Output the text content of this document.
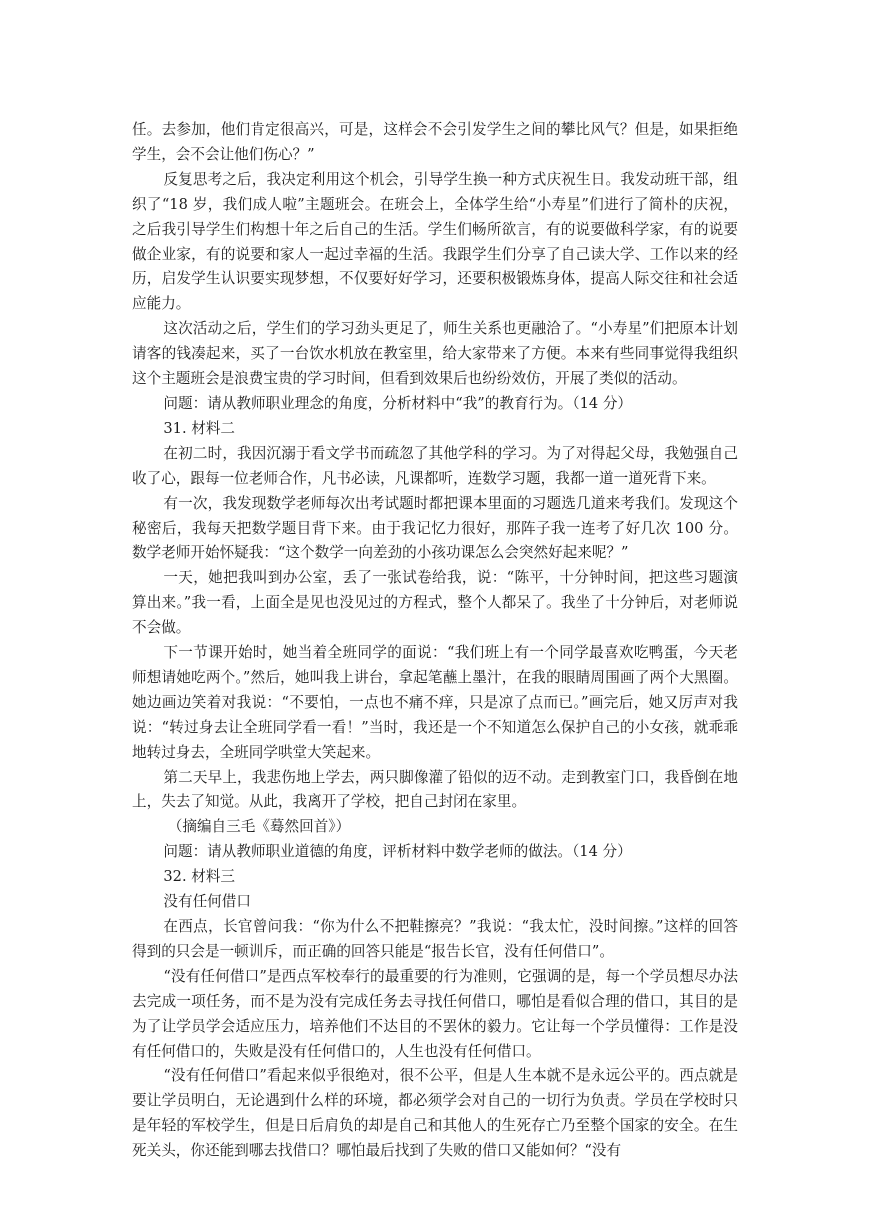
任。去参加，他们肯定很高兴，可是，这样会不会引发学生之间的攀比风气？但是，如果拒绝学生，会不会让他们伤心？”

反复思考之后，我决定利用这个机会，引导学生换一种方式庆祝生日。我发动班干部，组织了“18 岁，我们成人啦”主题班会。在班会上，全体学生给“小寿星”们进行了简朴的庆祝，之后我引导学生们构想十年之后自己的生活。学生们畅所欲言，有的说要做科学家，有的说要做企业家，有的说要和家人一起过幸福的生活。我跟学生们分享了自己读大学、工作以来的经历，启发学生认识要实现梦想，不仅要好好学习，还要积极锻炼身体，提高人际交往和社会适应能力。

这次活动之后，学生们的学习劲头更足了，师生关系也更融洽了。“小寿星”们把原本计划请客的钱凑起来，买了一台饮水机放在教室里，给大家带来了方便。本来有些同事觉得我组织这个主题班会是浪费宝贵的学习时间，但看到效果后也纷纷效仿，开展了类似的活动。

问题：请从教师职业理念的角度，分析材料中“我”的教育行为。（14 分）

31. 材料二

在初二时，我因沉溺于看文学书而疏忽了其他学科的学习。为了对得起父母，我勉强自己收了心，跟每一位老师合作，凡书必读，凡课都听，连数学习题，我都一道一道死背下来。

有一次，我发现数学老师每次出考试题时都把课本里面的习题选几道来考我们。发现这个秘密后，我每天把数学题目背下来。由于我记忆力很好，那阵子我一连考了好几次 100 分。数学老师开始怀疑我：“这个数学一向差劲的小孩功课怎么会突然好起来呢？”

一天，她把我叫到办公室，丢了一张试卷给我，说：“陈平，十分钟时间，把这些习题演算出来。”我一看，上面全是见也没见过的方程式，整个人都呆了。我坐了十分钟后，对老师说不会做。

下一节课开始时，她当着全班同学的面说：“我们班上有一个同学最喜欢吃鸭蛋，今天老师想请她吃两个。”然后，她叫我上讲台，拿起笔蘸上墨汁，在我的眼睛周围画了两个大黑圈。她边画边笑着对我说：“不要怕，一点也不痛不痒，只是凉了点而已。”画完后，她又厉声对我说：“转过身去让全班同学看一看！”当时，我还是一个不知道怎么保护自己的小女孩，就乖乖地转过身去，全班同学哄堂大笑起来。

第二天早上，我悲伤地上学去，两只脚像灌了铅似的迈不动。走到教室门口，我昏倒在地上，失去了知觉。从此，我离开了学校，把自己封闭在家里。

（摘编自三毛《蓦然回首》）

问题：请从教师职业道德的角度，评析材料中数学老师的做法。（14 分）

32. 材料三

没有任何借口

在西点，长官曾问我：“你为什么不把鞋擦亮？”我说：“我太忙，没时间擦。”这样的回答得到的只会是一顿训斥，而正确的回答只能是“报告长官，没有任何借口”。

“没有任何借口”是西点军校奉行的最重要的行为准则，它强调的是，每一个学员想尽办法去完成一项任务，而不是为没有完成任务去寻找任何借口，哪怕是看似合理的借口，其目的是为了让学员学会适应压力，培养他们不达目的不罢休的毅力。它让每一个学员懂得：工作是没有任何借口的，失败是没有任何借口的，人生也没有任何借口。

“没有任何借口”看起来似乎很绝对，很不公平，但是人生本就不是永远公平的。西点就是要让学员明白，无论遇到什么样的环境，都必须学会对自己的一切行为负责。学员在学校时只是年轻的军校学生，但是日后肩负的却是自己和其他人的生死存亡乃至整个国家的安全。在生死关头，你还能到哪去找借口？哪怕最后找到了失败的借口又能如何？“没有
